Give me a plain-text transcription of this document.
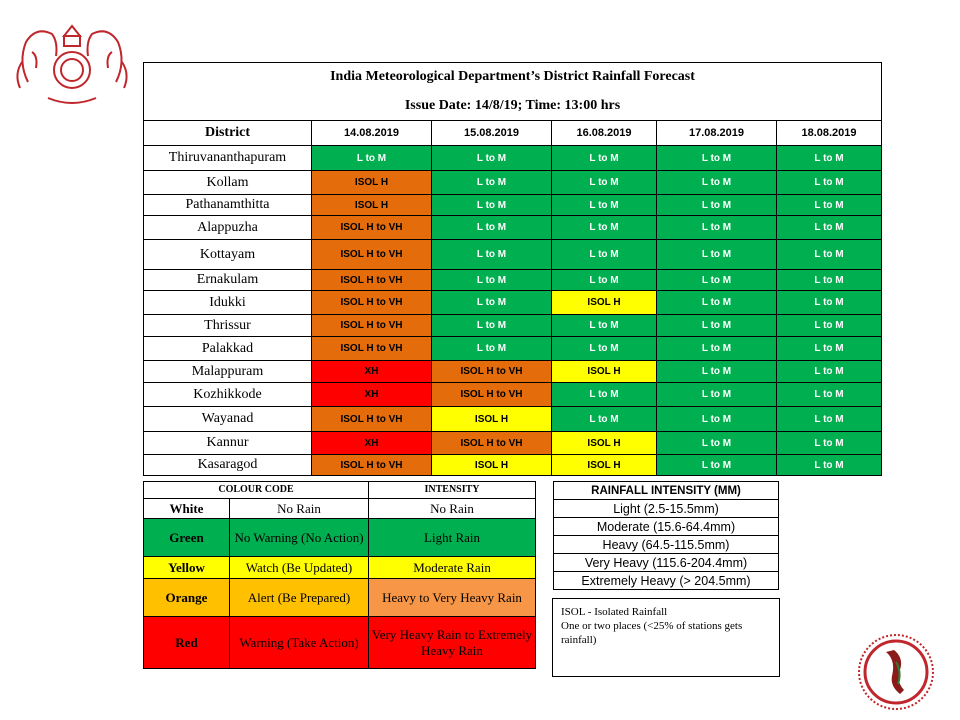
India Meteorological Department’s District Rainfall Forecast					
Issue Date: 14/8/19; Time: 13:00 hrs					
District	14.08.2019	15.08.2019	16.08.2019	17.08.2019	18.08.2019
Thiruvananthapuram	L to M	L to M	L to M	L to M	L to M
Kollam	ISOL H	L to M	L to M	L to M	L to M
Pathanamthitta	ISOL H	L to M	L to M	L to M	L to M
Alappuzha	ISOL H to VH	L to M	L to M	L to M	L to M
Kottayam	ISOL H to VH	L to M	L to M	L to M	L to M
Ernakulam	ISOL H to VH	L to M	L to M	L to M	L to M
Idukki	ISOL H to VH	L to M	ISOL H	L to M	L to M
Thrissur	ISOL H to VH	L to M	L to M	L to M	L to M
Palakkad	ISOL H to VH	L to M	L to M	L to M	L to M
Malappuram	XH	ISOL H to VH	ISOL H	L to M	L to M
Kozhikkode	XH	ISOL H to VH	L to M	L to M	L to M
Wayanad	ISOL H to VH	ISOL H	L to M	L to M	L to M
Kannur	XH	ISOL H to VH	ISOL H	L to M	L to M
Kasaragod	ISOL H to VH	ISOL H	ISOL H	L to M	L to M
COLOUR CODE		INTENSITY
White	No Rain	No Rain
Green	No Warning (No Action)	Light Rain
Yellow	Watch (Be Updated)	Moderate Rain
Orange	Alert (Be Prepared)	Heavy to Very Heavy Rain
Red	Warning (Take Action)	Very Heavy Rain to Extremely Heavy Rain
RAINFALL INTENSITY (MM)
Light (2.5-15.5mm)
Moderate (15.6-64.4mm)
Heavy (64.5-115.5mm)
Very Heavy (115.6-204.4mm)
Extremely Heavy (> 204.5mm)
ISOL - Isolated Rainfall
One or two places (<25% of stations gets rainfall)
